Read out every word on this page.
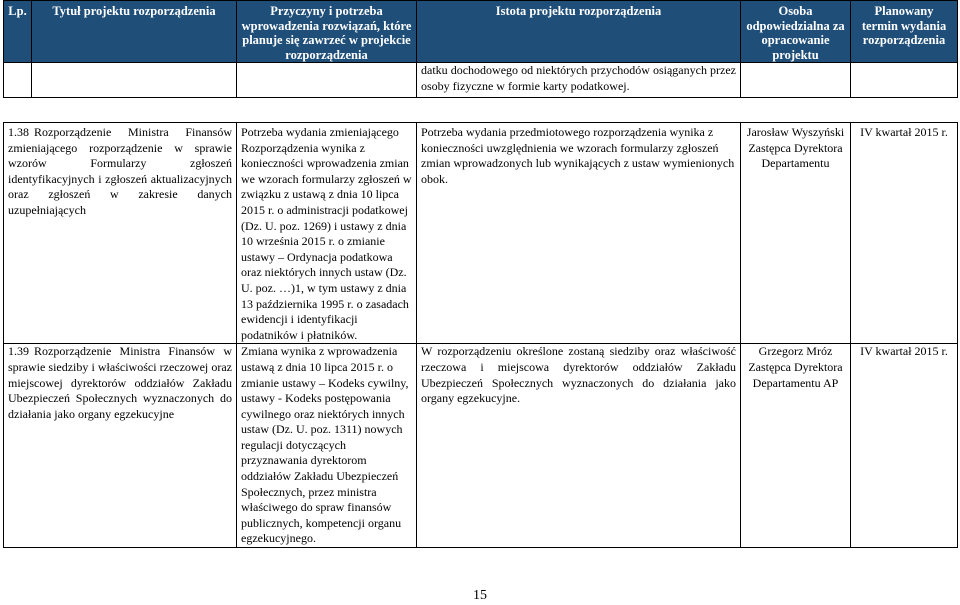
Lp.	Tytuł projektu rozporządzenia	Przyczyny i potrzeba wprowadzenia rozwiązań, które planuje się zawrzeć w projekcie rozporządzenia	Istota projektu rozporządzenia	Osoba odpowiedzialna za opracowanie projektu	Planowany termin wydania rozporządzenia
			datku dochodowego od niektórych przychodów osiąganych przez osoby fizyczne w formie karty podatkowej.		

1.38 Rozporządzenie Ministra Finansów zmieniającego rozporządzenie w sprawie wzorów Formularzy zgłoszeń identyfikacyjnych i zgłoszeń aktualizacyjnych oraz zgłoszeń w zakresie danych uzupełniających		Potrzeba wydania zmieniającego Rozporządzenia wynika z konieczności wprowadzenia zmian we wzorach formularzy zgłoszeń w związku z ustawą z dnia 10 lipca 2015 r. o administracji podatkowej (Dz. U. poz. 1269) i ustawy z dnia 10 września 2015 r. o zmianie ustawy – Ordynacja podatkowa oraz niektórych innych ustaw (Dz. U. poz. …)1, w tym ustawy z dnia 13 października 1995 r. o zasadach ewidencji i identyfikacji podatników i płatników.	Potrzeba wydania przedmiotowego rozporządzenia wynika z konieczności uwzględnienia we wzorach formularzy zgłoszeń zmian wprowadzonych lub wynikających z ustaw wymienionych obok.	Jarosław Wyszyński Zastępca Dyrektora Departamentu	IV kwartał 2015 r.
1.39 Rozporządzenie Ministra Finansów w sprawie siedziby i właściwości rzeczowej oraz miejscowej dyrektorów oddziałów Zakładu Ubezpieczeń Społecznych wyznaczonych do działania jako organy egzekucyjne		Zmiana wynika z wprowadzenia ustawą z dnia 10 lipca 2015 r. o zmianie ustawy – Kodeks cywilny, ustawy - Kodeks postępowania cywilnego oraz niektórych innych ustaw (Dz. U. poz. 1311) nowych regulacji dotyczących przyznawania dyrektorom oddziałów Zakładu Ubezpieczeń Społecznych, przez ministra właściwego do spraw finansów publicznych, kompetencji organu egzekucyjnego.	W rozporządzeniu określone zostaną siedziby oraz właściwość rzeczowa i miejscowa dyrektorów oddziałów Zakładu Ubezpieczeń Społecznych wyznaczonych do działania jako organy egzekucyjne.	Grzegorz Mróz Zastępca Dyrektora Departamentu AP	IV kwartał 2015 r.
15
